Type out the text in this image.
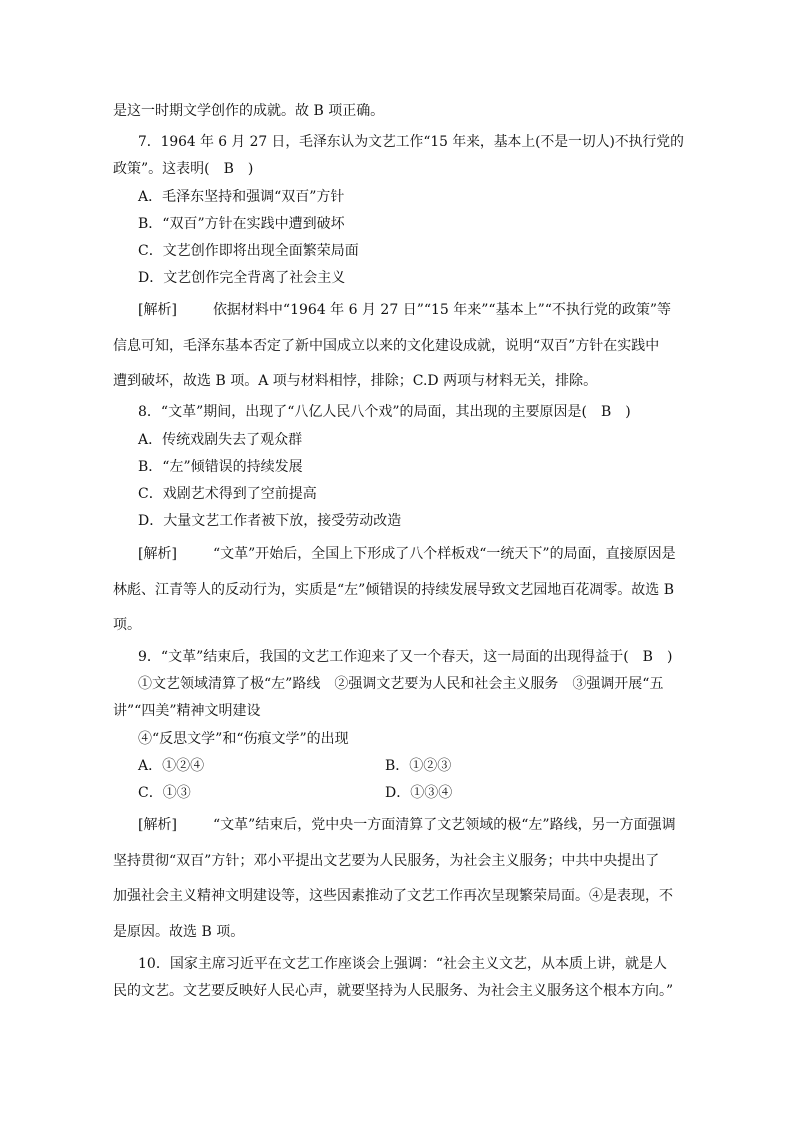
是这一时期文学创作的成就。故 B 项正确。
7．1964 年 6 月 27 日，毛泽东认为文艺工作“15 年来，基本上(不是一切人)不执行党的
政策”。这表明(　B　)
A．毛泽东坚持和强调“双百”方针
B．“双百”方针在实践中遭到破坏
C．文艺创作即将出现全面繁荣局面
D．文艺创作完全背离了社会主义
[解析]	依据材料中“1964 年 6 月 27 日”“15 年来”“基本上”“不执行党的政策”等
信息可知，毛泽东基本否定了新中国成立以来的文化建设成就，说明“双百”方针在实践中
遭到破坏，故选 B 项。A 项与材料相悖，排除；C.D 两项与材料无关，排除。
8．“文革”期间，出现了“八亿人民八个戏”的局面，其出现的主要原因是(　B　)
A．传统戏剧失去了观众群
B．“左”倾错误的持续发展
C．戏剧艺术得到了空前提高
D．大量文艺工作者被下放，接受劳动改造
[解析]	“文革”开始后，全国上下形成了八个样板戏“一统天下”的局面，直接原因是
林彪、江青等人的反动行为，实质是“左”倾错误的持续发展导致文艺园地百花凋零。故选 B
项。
9．“文革”结束后，我国的文艺工作迎来了又一个春天，这一局面的出现得益于(　B　)
①文艺领域清算了极“左”路线　②强调文艺要为人民和社会主义服务　③强调开展“五
讲”“四美”精神文明建设
④“反思文学”和“伤痕文学”的出现
A．①②④	B．①②③
C．①③	D．①③④
[解析]	“文革”结束后，党中央一方面清算了文艺领域的极“左”路线，另一方面强调
坚持贯彻“双百”方针；邓小平提出文艺要为人民服务，为社会主义服务；中共中央提出了
加强社会主义精神文明建设等，这些因素推动了文艺工作再次呈现繁荣局面。④是表现，不
是原因。故选 B 项。
10．国家主席习近平在文艺工作座谈会上强调：“社会主义文艺，从本质上讲，就是人
民的文艺。文艺要反映好人民心声，就要坚持为人民服务、为社会主义服务这个根本方向。”
